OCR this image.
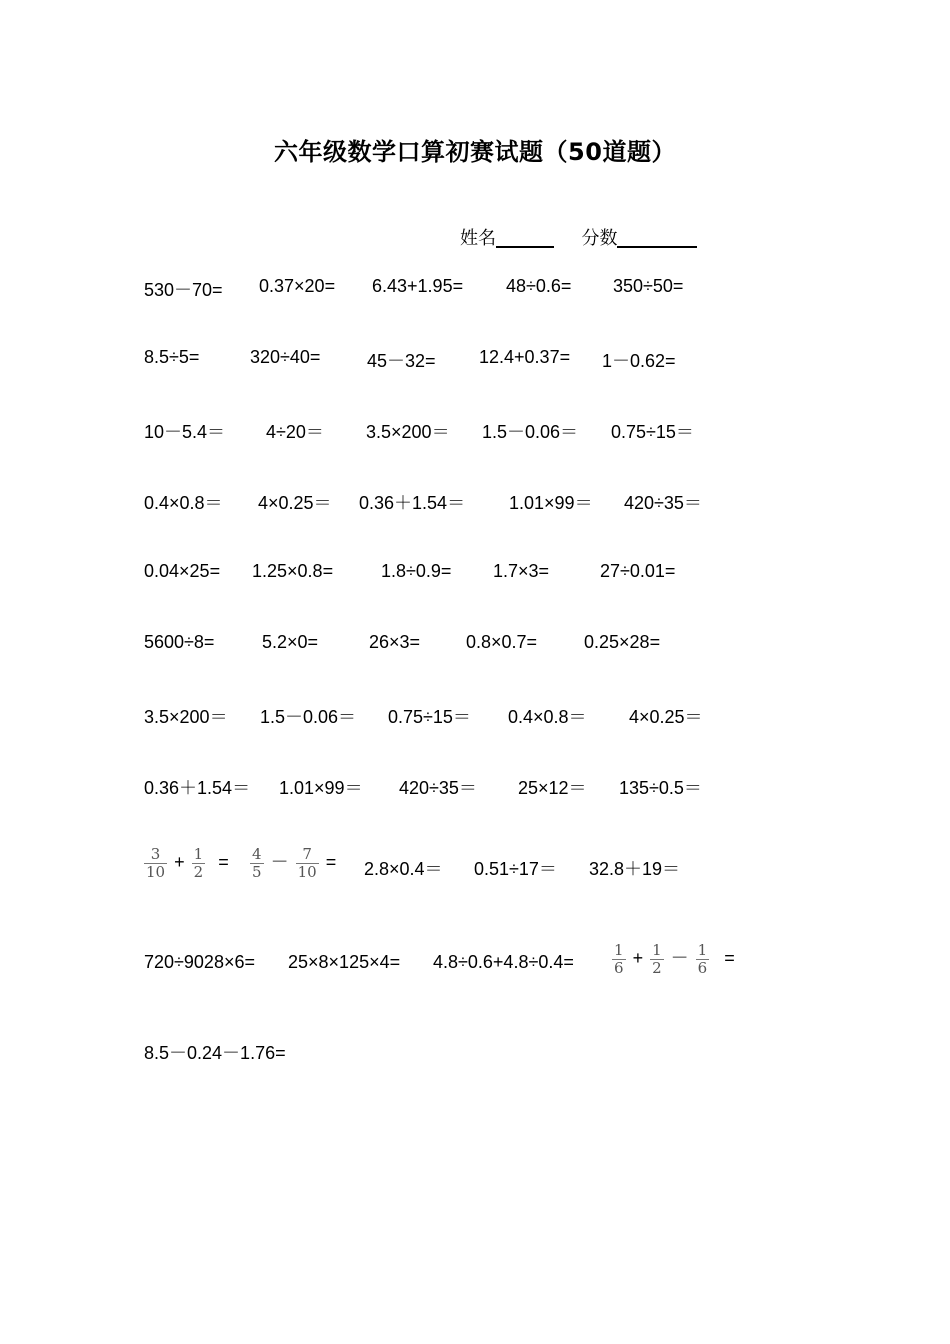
六年级数学口算初赛试题（50道题）
姓名	分数
530－70= 0.37×20= 6.43+1.95= 48÷0.6= 350÷50=
8.5÷5=	320÷40=	45－32= 12.4+0.37= 1－0.62=
10－5.4＝ 4÷20＝ 3.5×200＝ 1.5－0.06＝ 0.75÷15＝
0.4×0.8＝ 4×0.25＝ 0.36＋1.54＝ 1.01×99＝ 420÷35＝
0.04×25= 1.25×0.8=	1.8÷0.9= 1.7×3=	27÷0.01=
5600÷8=	5.2×0=	26×3=	0.8×0.7=	0.25×28=
3.5×200＝ 1.5－0.06＝ 0.75÷15＝ 0.4×0.8＝ 4×0.25＝
0.36＋1.54＝ 1.01×99＝ 420÷35＝ 25×12＝ 135÷0.5＝
$\frac{3}{10} + \frac{1}{2} = \frac{4}{5} - \frac{7}{10} = 2.8\times 0.4= 0.51\div 17= 32.8+19=$
720÷9028×6= 25×8×125×4= 4.8÷0.6+4.8÷0.4=	$\frac{1}{6} + \frac{1}{2} - \frac{1}{6}$ =
8.5－0.24－1.76=
